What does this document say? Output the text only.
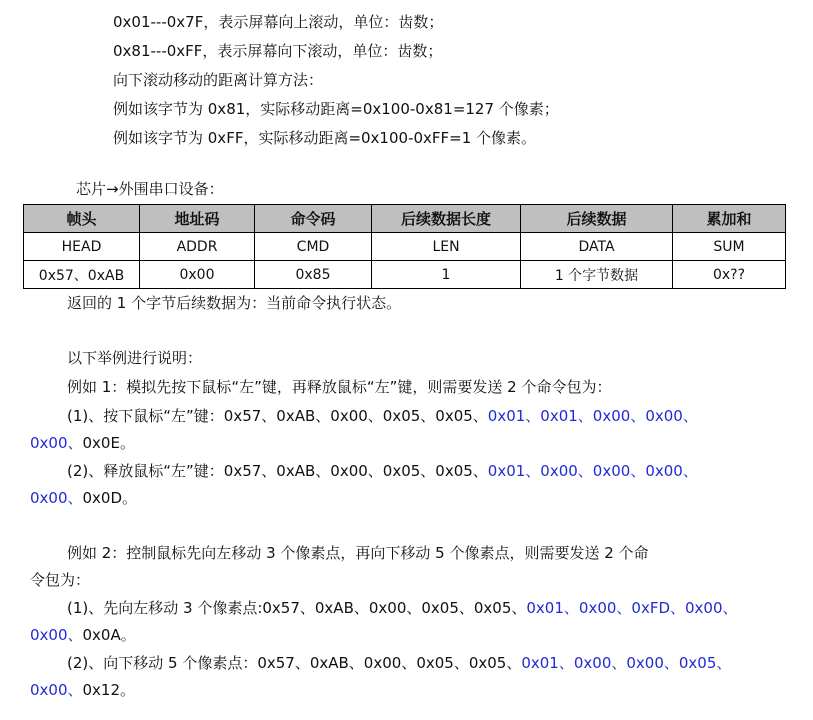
0x01---0x7F，表示屏幕向上滚动，单位：齿数；
0x81---0xFF，表示屏幕向下滚动，单位：齿数；
向下滚动移动的距离计算方法：
例如该字节为 0x81，实际移动距离=0x100-0x81=127 个像素；
例如该字节为 0xFF，实际移动距离=0x100-0xFF=1 个像素。
芯片→外围串口设备：
帧头	地址码	命令码	后续数据长度	后续数据	累加和
HEAD	ADDR	CMD	LEN	DATA	SUM
0x57、0xAB	0x00	0x85	1	1 个字节数据	0x??
返回的 1 个字节后续数据为：当前命令执行状态。
以下举例进行说明：
例如 1：模拟先按下鼠标“左”键，再释放鼠标“左”键，则需要发送 2 个命令包为：
(1)、按下鼠标“左”键：0x57、0xAB、0x00、0x05、0x05、0x01、0x01、0x00、0x00、
0x00、0x0E。
(2)、释放鼠标“左”键：0x57、0xAB、0x00、0x05、0x05、0x01、0x00、0x00、0x00、
0x00、0x0D。
例如 2：控制鼠标先向左移动 3 个像素点，再向下移动 5 个像素点，则需要发送 2 个命
令包为：
(1)、先向左移动 3 个像素点:0x57、0xAB、0x00、0x05、0x05、0x01、0x00、0xFD、0x00、
0x00、0x0A。
(2)、向下移动 5 个像素点：0x57、0xAB、0x00、0x05、0x05、0x01、0x00、0x00、0x05、
0x00、0x12。
